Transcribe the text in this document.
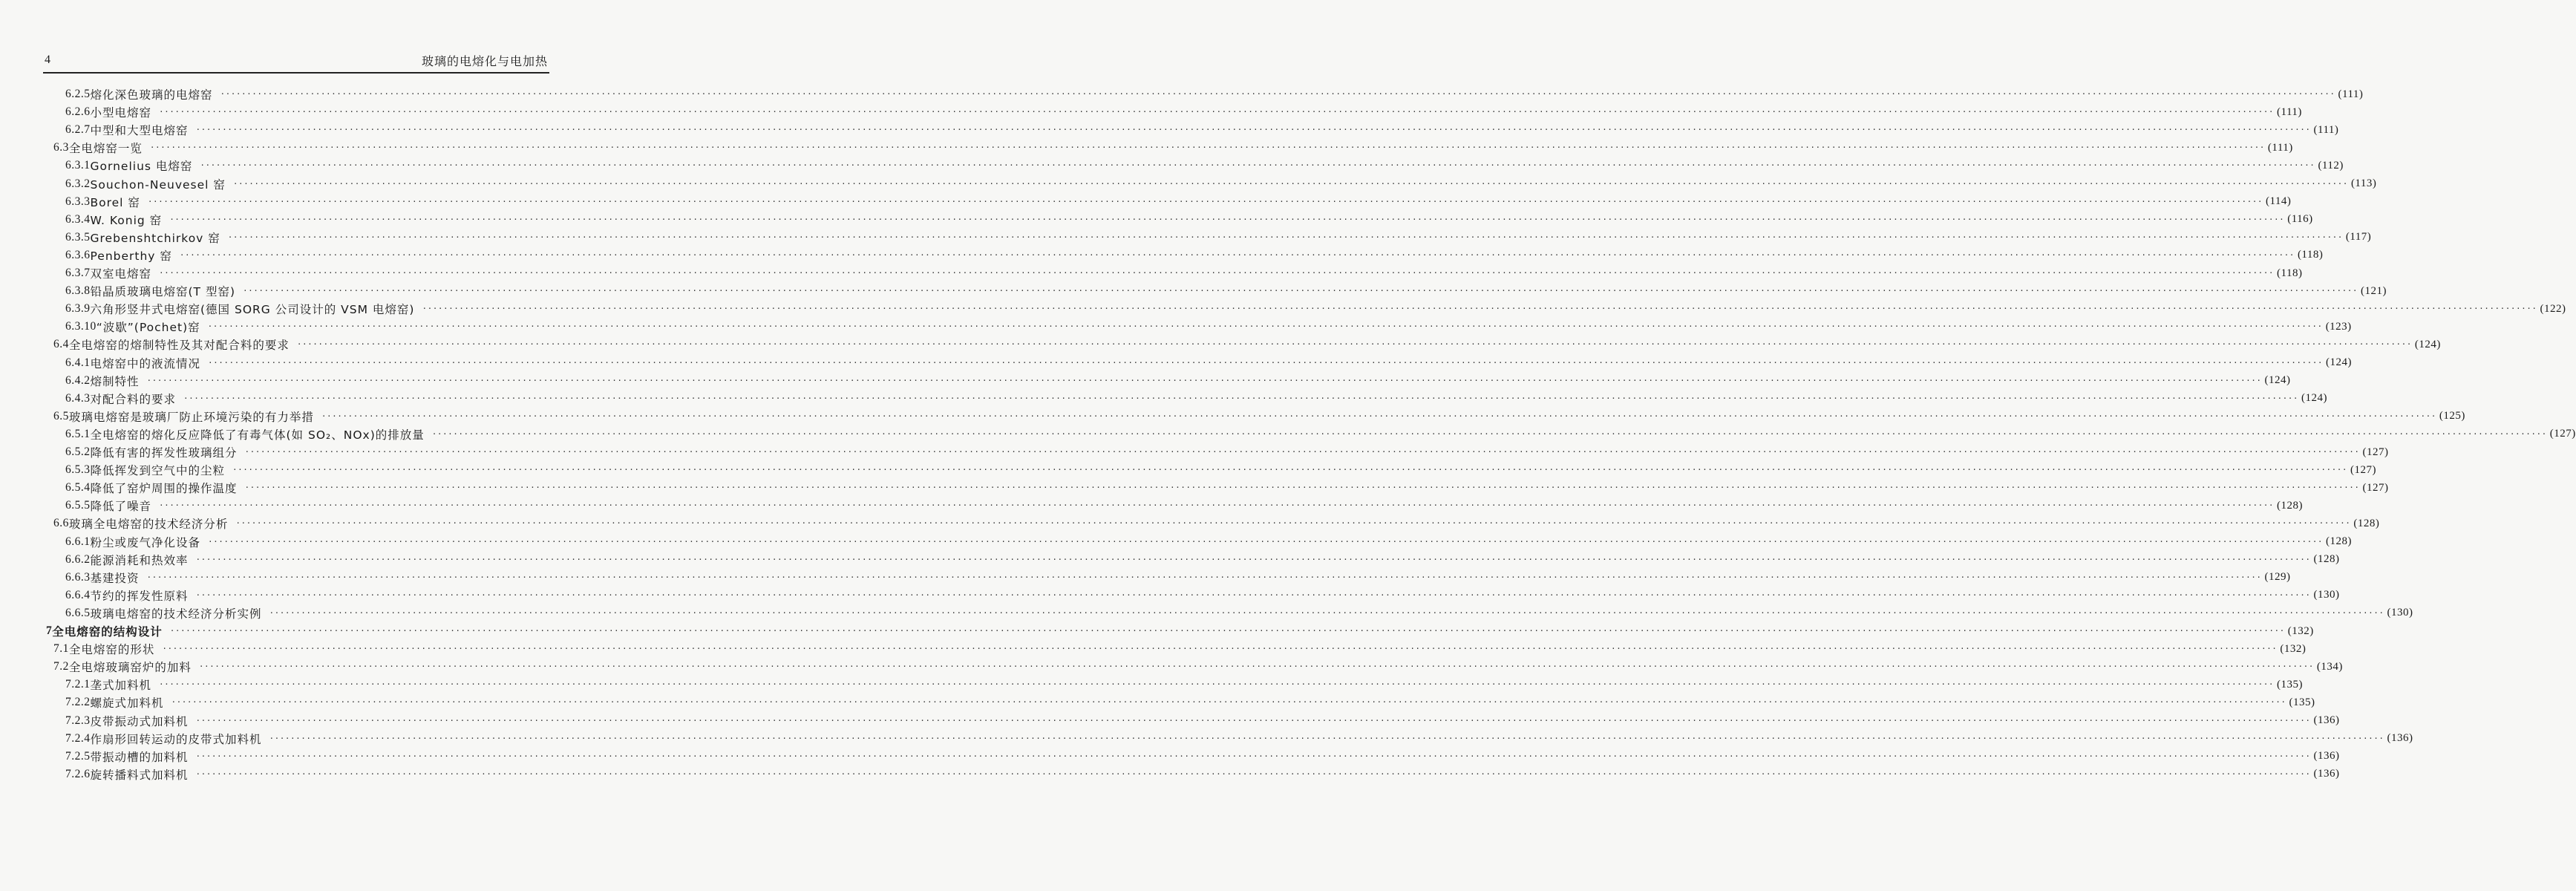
4	玻璃的电熔化与电加热
6.2.5 熔化深色玻璃的电熔窑 ················································································································································································································································································································································································································ (111)
6.2.6 小型电熔窑 ················································································································································································································································································································································································································ (111)
6.2.7 中型和大型电熔窑 ················································································································································································································································································································································································································ (111)
6.3 全电熔窑一览 ················································································································································································································································································································································································································ (111)
6.3.1 Gornelius 电熔窑 ················································································································································································································································································································································································································ (112)
6.3.2 Souchon-Neuvesel 窑 ················································································································································································································································································································································································································ (113)
6.3.3 Borel 窑 ················································································································································································································································································································································································································ (114)
6.3.4 W. Konig 窑 ················································································································································································································································································································································································································ (116)
6.3.5 Grebenshtchirkov 窑 ················································································································································································································································································································································································································ (117)
6.3.6 Penberthy 窑 ················································································································································································································································································································································································································ (118)
6.3.7 双室电熔窑 ················································································································································································································································································································································································································ (118)
6.3.8 铅晶质玻璃电熔窑(T 型窑) ················································································································································································································································································································································································································ (121)
6.3.9 六角形竖井式电熔窑(德国 SORG 公司设计的 VSM 电熔窑) ················································································································································································································································································································································································································ (122)
6.3.10 “波歇”(Pochet)窑 ················································································································································································································································································································································································································ (123)
6.4 全电熔窑的熔制特性及其对配合料的要求 ················································································································································································································································································································································································································ (124)
6.4.1 电熔窑中的液流情况 ················································································································································································································································································································································································································ (124)
6.4.2 熔制特性 ················································································································································································································································································································································································································ (124)
6.4.3 对配合料的要求 ················································································································································································································································································································································································································ (124)
6.5 玻璃电熔窑是玻璃厂防止环境污染的有力举措 ················································································································································································································································································································································································································ (125)
6.5.1 全电熔窑的熔化反应降低了有毒气体(如 SO₂、NOx)的排放量 ················································································································································································································································································································································································································ (127)
6.5.2 降低有害的挥发性玻璃组分 ················································································································································································································································································································································································································ (127)
6.5.3 降低挥发到空气中的尘粒 ················································································································································································································································································································································································································ (127)
6.5.4 降低了窑炉周围的操作温度 ················································································································································································································································································································································································································ (127)
6.5.5 降低了噪音 ················································································································································································································································································································································································································ (128)
6.6 玻璃全电熔窑的技术经济分析 ················································································································································································································································································································································································································ (128)
6.6.1 粉尘或废气净化设备 ················································································································································································································································································································································································································ (128)
6.6.2 能源消耗和热效率 ················································································································································································································································································································································································································ (128)
6.6.3 基建投资 ················································································································································································································································································································································································································ (129)
6.6.4 节约的挥发性原料 ················································································································································································································································································································································································································ (130)
6.6.5 玻璃电熔窑的技术经济分析实例 ················································································································································································································································································································································································································ (130)
7 全电熔窑的结构设计 ················································································································································································································································································································································································································ (132)
7.1 全电熔窑的形状 ················································································································································································································································································································································································································ (132)
7.2 全电熔玻璃窑炉的加料 ················································································································································································································································································································································································································ (134)
7.2.1 垄式加料机 ················································································································································································································································································································································································································ (135)
7.2.2 螺旋式加料机 ················································································································································································································································································································································································································ (135)
7.2.3 皮带振动式加料机 ················································································································································································································································································································································································································ (136)
7.2.4 作扇形回转运动的皮带式加料机 ················································································································································································································································································································································································································ (136)
7.2.5 带振动槽的加料机 ················································································································································································································································································································································································································ (136)
7.2.6 旋转播料式加料机 ················································································································································································································································································································································································································ (136)
